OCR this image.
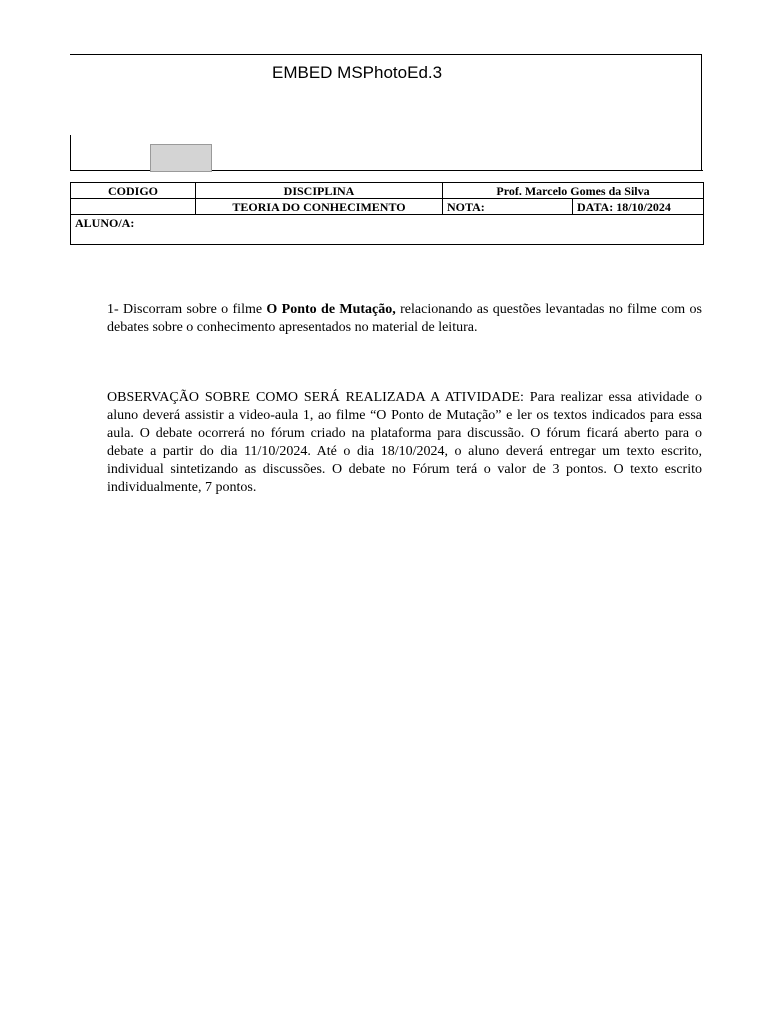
EMBED MSPhotoEd.3
CODIGO	DISCIPLINA	Prof. Marcelo Gomes da Silva	
	TEORIA DO CONHECIMENTO	NOTA:	DATA: 18/10/2024
ALUNO/A:			
1- Discorram sobre o filme O Ponto de Mutação, relacionando as questões levantadas no filme com os debates sobre o conhecimento apresentados no material de leitura.
OBSERVAÇÃO SOBRE COMO SERÁ REALIZADA A ATIVIDADE: Para realizar essa atividade o aluno deverá assistir a video-aula 1, ao filme “O Ponto de Mutação” e ler os textos indicados para essa aula. O debate ocorrerá no fórum criado na plataforma para discussão. O fórum ficará aberto para o debate a partir do dia 11/10/2024. Até o dia 18/10/2024, o aluno deverá entregar um texto escrito, individual sintetizando as discussões. O debate no Fórum terá o valor de 3 pontos. O texto escrito individualmente, 7 pontos.
